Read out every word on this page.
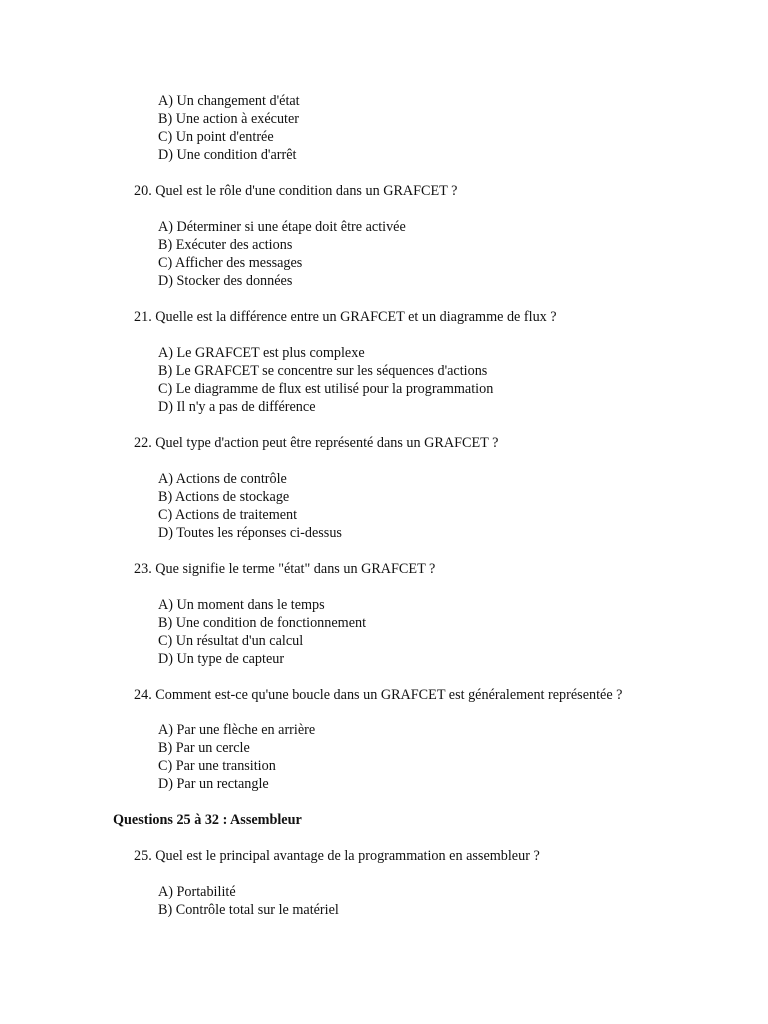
A) Un changement d'état
B) Une action à exécuter
C) Un point d'entrée
D) Une condition d'arrêt
20. Quel est le rôle d'une condition dans un GRAFCET ?
A) Déterminer si une étape doit être activée
B) Exécuter des actions
C) Afficher des messages
D) Stocker des données
21. Quelle est la différence entre un GRAFCET et un diagramme de flux ?
A) Le GRAFCET est plus complexe
B) Le GRAFCET se concentre sur les séquences d'actions
C) Le diagramme de flux est utilisé pour la programmation
D) Il n'y a pas de différence
22. Quel type d'action peut être représenté dans un GRAFCET ?
A) Actions de contrôle
B) Actions de stockage
C) Actions de traitement
D) Toutes les réponses ci-dessus
23. Que signifie le terme "état" dans un GRAFCET ?
A) Un moment dans le temps
B) Une condition de fonctionnement
C) Un résultat d'un calcul
D) Un type de capteur
24. Comment est-ce qu'une boucle dans un GRAFCET est généralement représentée ?
A) Par une flèche en arrière
B) Par un cercle
C) Par une transition
D) Par un rectangle
Questions 25 à 32 : Assembleur
25. Quel est le principal avantage de la programmation en assembleur ?
A) Portabilité
B) Contrôle total sur le matériel
